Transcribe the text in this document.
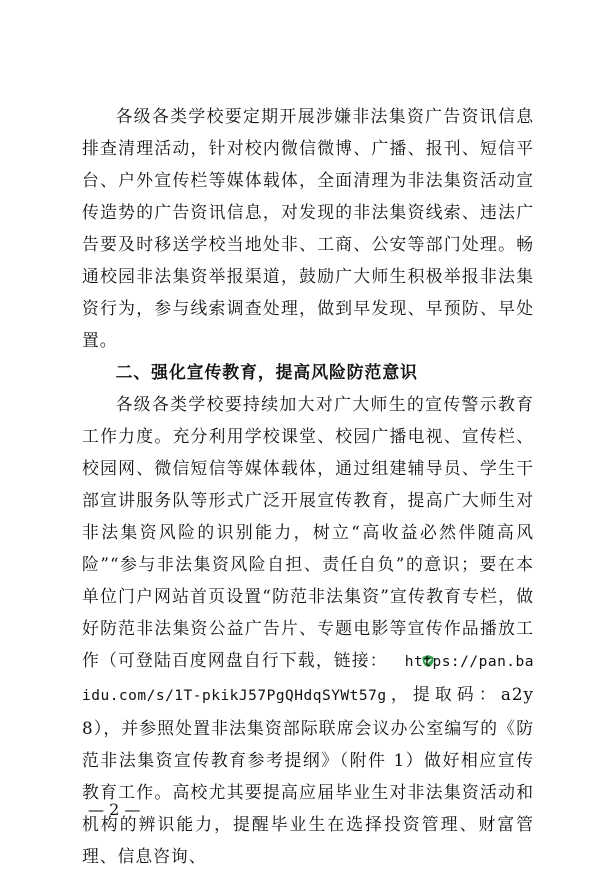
各级各类学校要定期开展涉嫌非法集资广告资讯信息排查清理活动，针对校内微信微博、广播、报刊、短信平台、户外宣传栏等媒体载体，全面清理为非法集资活动宣传造势的广告资讯信息，对发现的非法集资线索、违法广告要及时移送学校当地处非、工商、公安等部门处理。畅通校园非法集资举报渠道，鼓励广大师生积极举报非法集资行为，参与线索调查处理，做到早发现、早预防、早处置。

二、强化宣传教育，提高风险防范意识

各级各类学校要持续加大对广大师生的宣传警示教育工作力度。充分利用学校课堂、校园广播电视、宣传栏、校园网、微信短信等媒体载体，通过组建辅导员、学生干部宣讲服务队等形式广泛开展宣传教育，提高广大师生对非法集资风险的识别能力，树立“高收益必然伴随高风险”“参与非法集资风险自担、责任自负”的意识；要在本单位门户网站首页设置“防范非法集资”宣传教育专栏，做好防范非法集资公益广告片、专题电影等宣传作品播放工作（可登陆百度网盘自行下载，链接： https://pan.baidu.com/s/1T-pkikJ57PgQHdqSYWt57g，提取码：a2y8），并参照处置非法集资部际联席会议办公室编写的《防范非法集资宣传教育参考提纲》（附件 1）做好相应宣传教育工作。高校尤其要提高应届毕业生对非法集资活动和机构的辨识能力，提醒毕业生在选择投资管理、财富管理、信息咨询、

— 2 —
